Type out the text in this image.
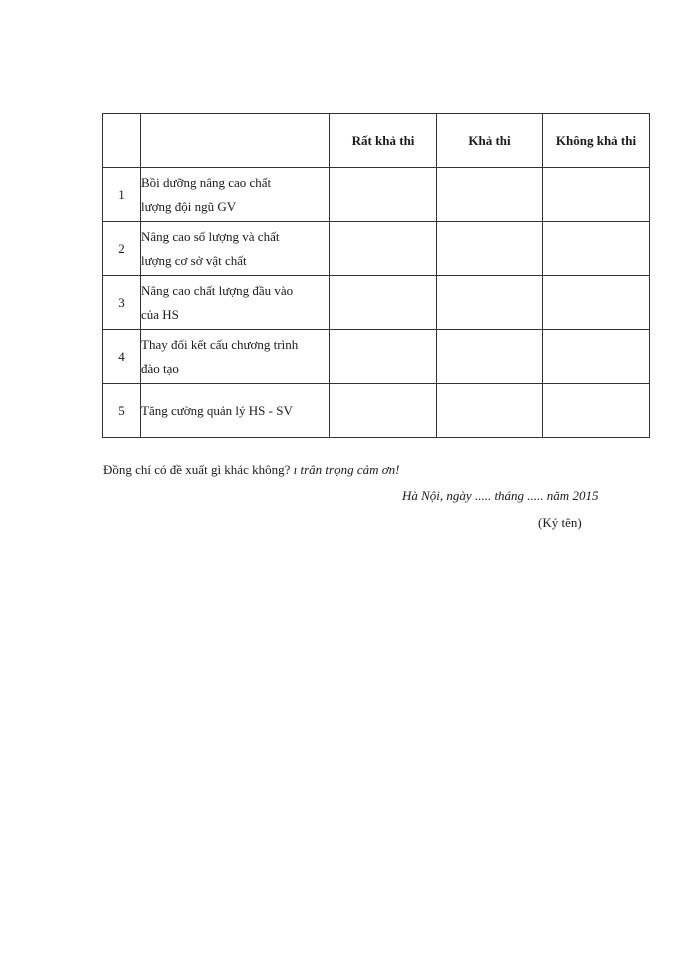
		Rất khả thi	Khả thi	Không khả thi
1	Bồi dưỡng nâng cao chất
lượng đội ngũ GV			

2	Nâng cao số lượng và chất
lượng cơ sở vật chất			

3	Nâng cao chất lượng đầu vào
của HS			

4	Thay đổi kết cấu chương trình
đào tạo			

5	Tăng cường quản lý HS - SV			

Đồng chí có đề xuất gì khác không? ı trân trọng cảm ơn!
Hà Nội, ngày ..... tháng ..... năm 2015
(Ký tên)
